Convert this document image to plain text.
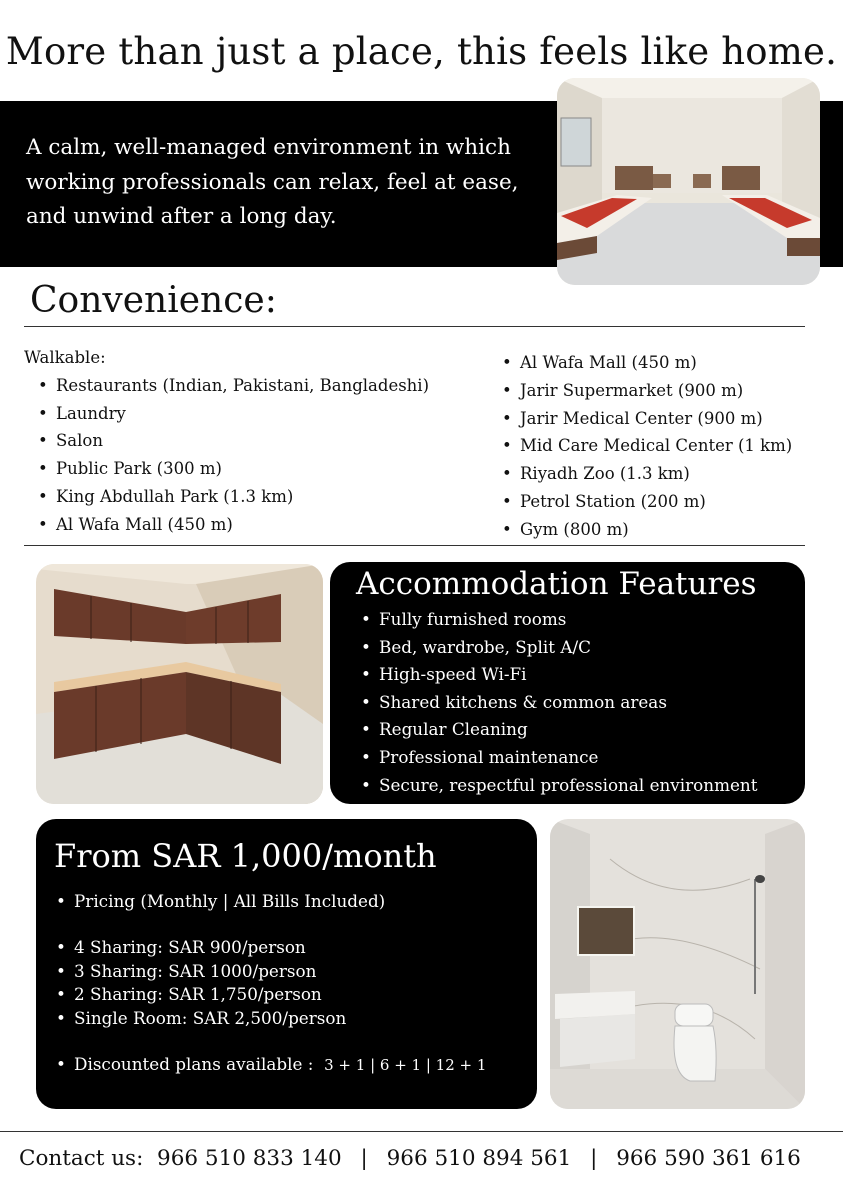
More than just a place, this feels like home.
A calm, well-managed environment in which
working professionals can relax, feel at ease,
and unwind after a long day.
Convenience:
Walkable:
• Restaurants (Indian, Pakistani, Bangladeshi)
• Laundry
• Salon
• Public Park (300 m)
• King Abdullah Park (1.3 km)
• Al Wafa Mall (450 m)
• Al Wafa Mall (450 m)
• Jarir Supermarket (900 m)
• Jarir Medical Center (900 m)
• Mid Care Medical Center (1 km)
• Riyadh Zoo (1.3 km)
• Petrol Station (200 m)
• Gym (800 m)
Accommodation Features
• Fully furnished rooms
• Bed, wardrobe, Split A/C
• High-speed Wi-Fi
• Shared kitchens & common areas
• Regular Cleaning
• Professional maintenance
• Secure, respectful professional environment
From SAR 1,000/month
• Pricing (Monthly | All Bills Included)
• 4 Sharing: SAR 900/person
• 3 Sharing: SAR 1000/person
• 2 Sharing: SAR 1,750/person
• Single Room: SAR 2,500/person
• Discounted plans available : 3 + 1 | 6 + 1 | 12 + 1
Contact us: 966 510 833 140 | 966 510 894 561 | 966 590 361 616
